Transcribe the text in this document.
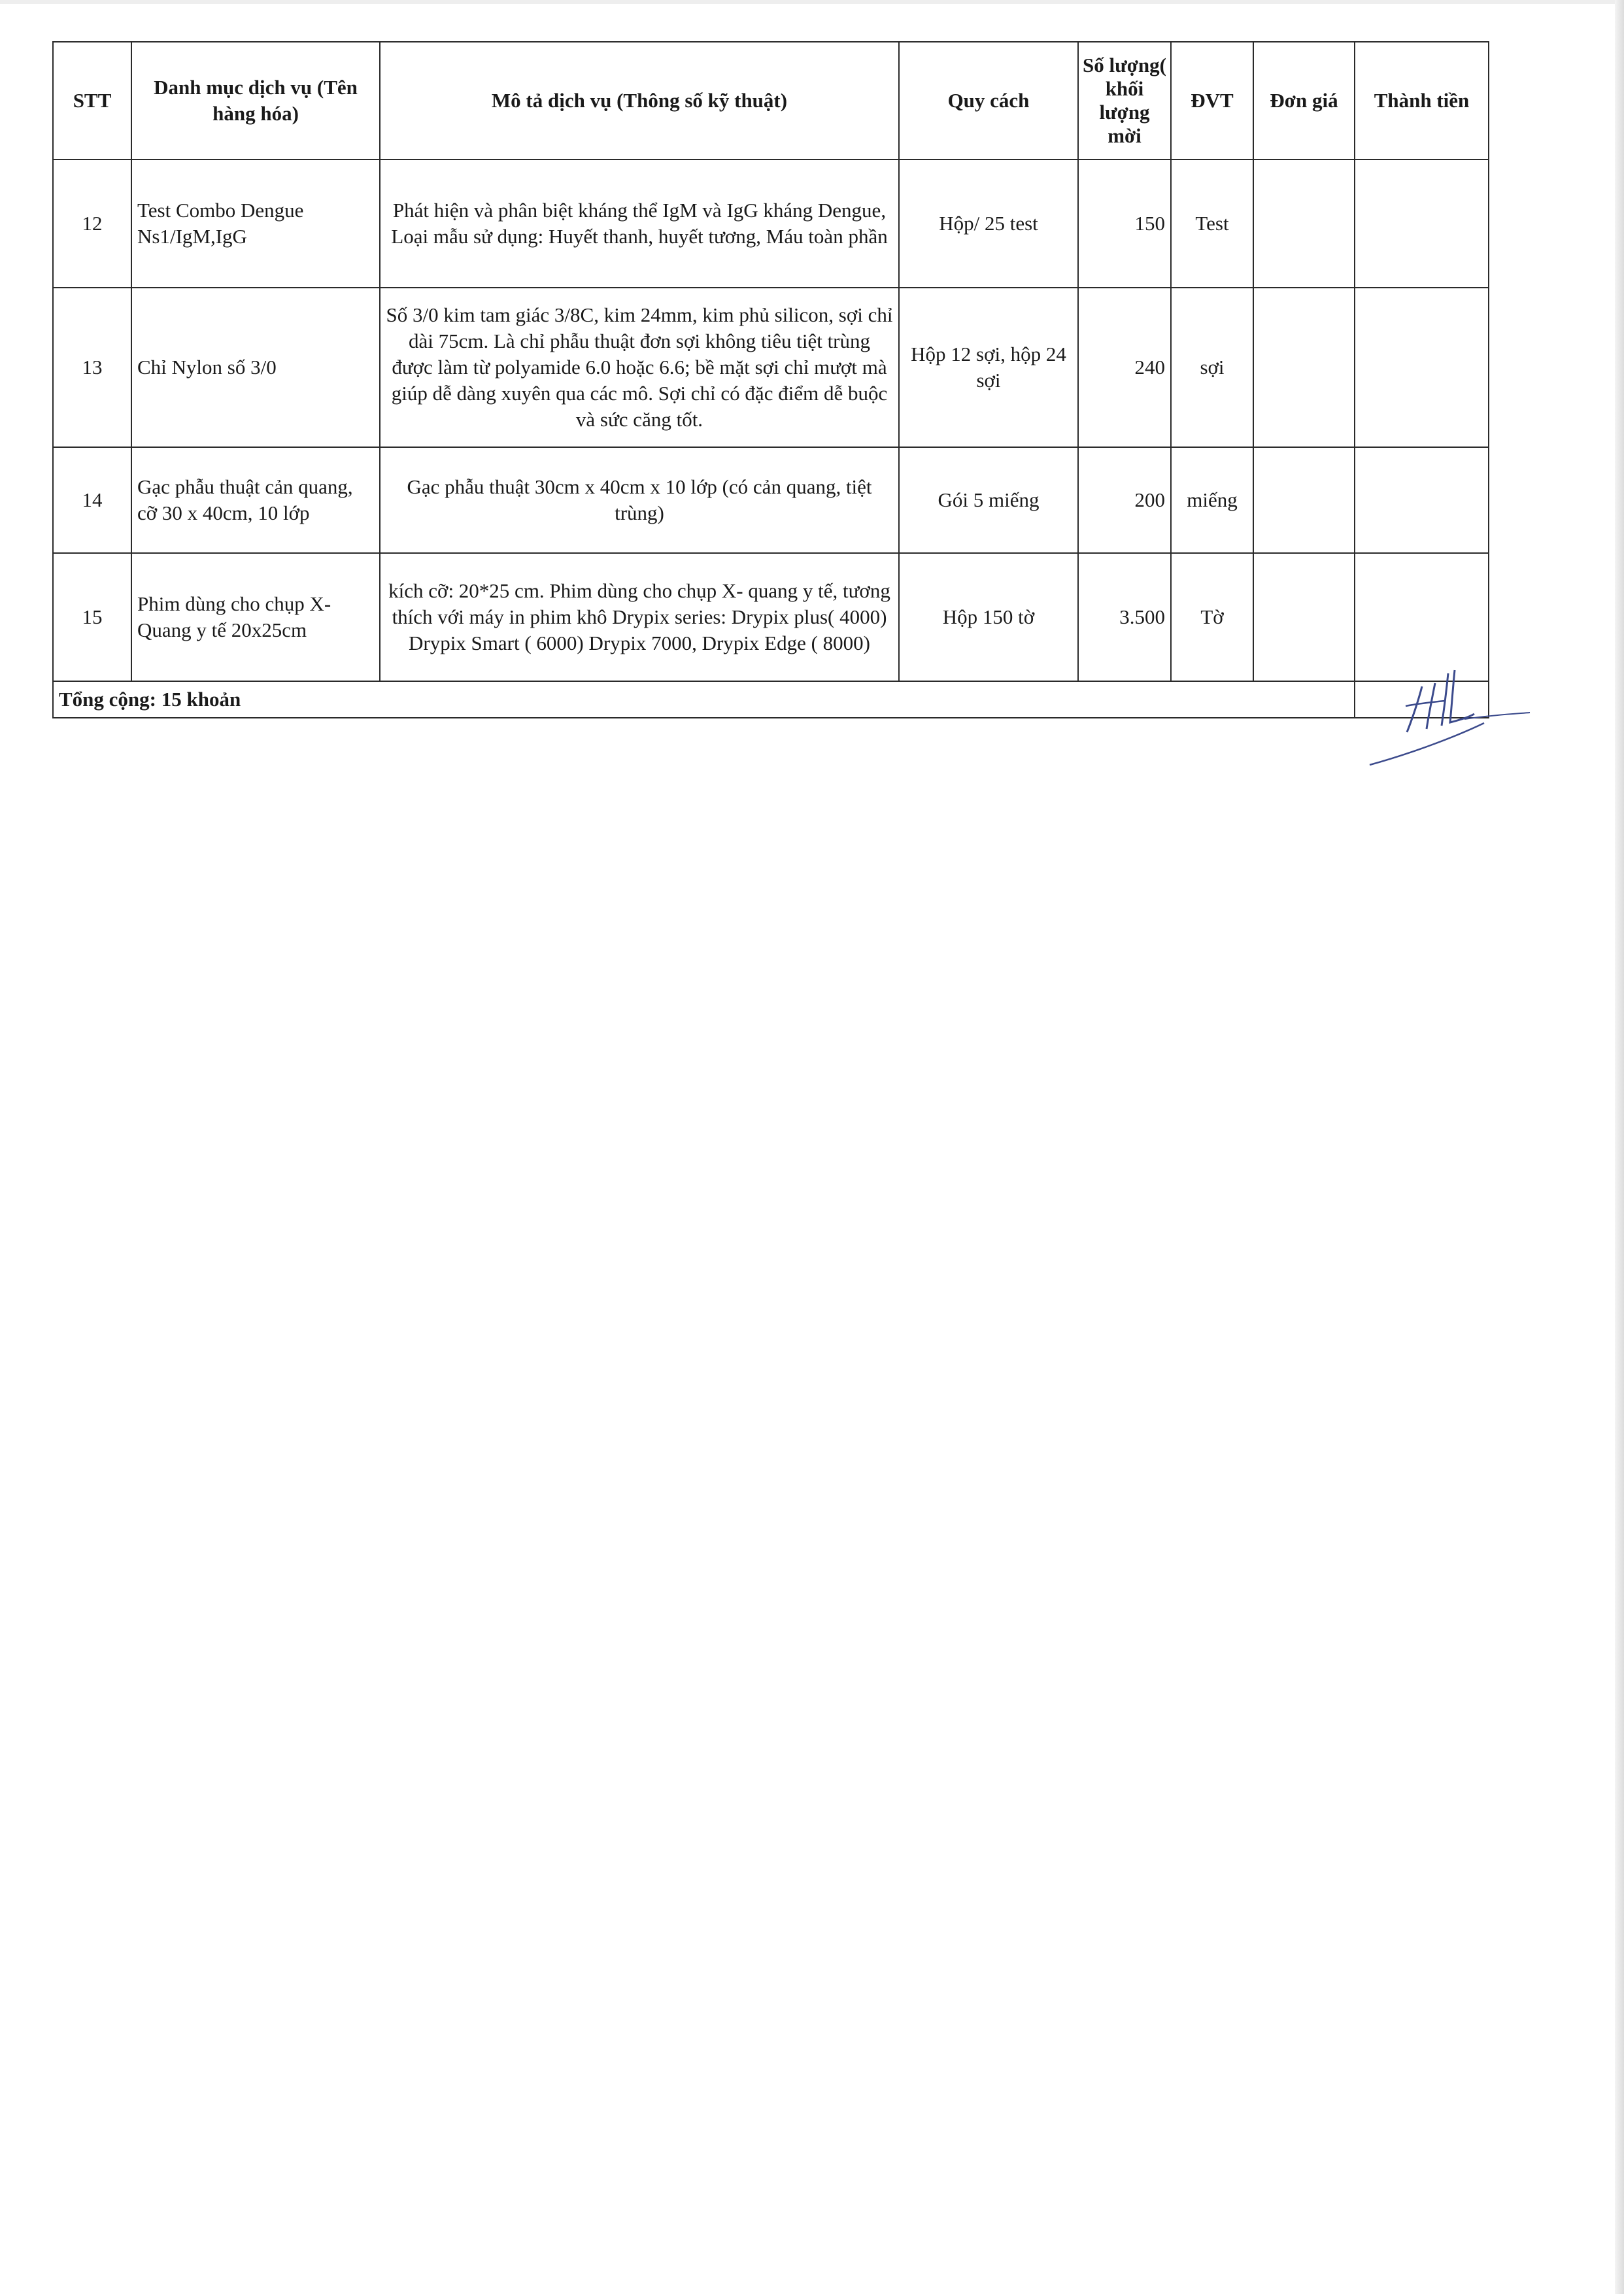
STT	Danh mục dịch vụ (Tên hàng hóa)	Mô tả dịch vụ (Thông số kỹ thuật)	Quy cách	Số lượng( khối lượng mời	ĐVT	Đơn giá	Thành tiền
12	Test Combo Dengue Ns1/IgM,IgG	Phát hiện và phân biệt kháng thể IgM và IgG kháng Dengue, Loại mẫu sử dụng: Huyết thanh, huyết tương, Máu toàn phần	Hộp/ 25 test	150	Test		
13	Chỉ Nylon số 3/0	Số 3/0 kim tam giác 3/8C, kim 24mm, kim phủ silicon, sợi chỉ dài 75cm. Là chỉ phẫu thuật đơn sợi không tiêu tiệt trùng được làm từ polyamide 6.0 hoặc 6.6; bề mặt sợi chỉ mượt mà giúp dễ dàng xuyên qua các mô. Sợi chỉ có đặc điểm dễ buộc và sức căng tốt.	Hộp 12 sợi, hộp 24 sợi	240	sợi		
14	Gạc phẫu thuật cản quang, cỡ 30 x 40cm, 10 lớp	Gạc phẫu thuật 30cm x 40cm x 10 lớp (có cản quang, tiệt trùng)	Gói 5 miếng	200	miếng		
15	Phim dùng cho chụp X-Quang y tế 20x25cm	kích cỡ: 20*25 cm. Phim dùng cho chụp X- quang y tế, tương thích với máy in phim khô Drypix series: Drypix plus( 4000) Drypix Smart ( 6000) Drypix 7000, Drypix Edge ( 8000)	Hộp 150 tờ	3.500	Tờ		
Tổng cộng: 15 khoản							
